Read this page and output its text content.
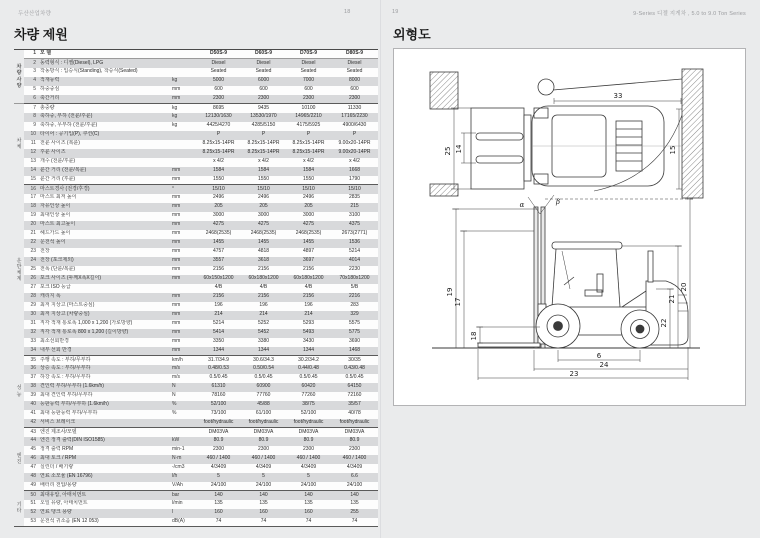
두산산업차량	18
차량 제원
차
량
사
양	1	모 델		D50S-9	D60S-9	D70S-9	D80S-9
	2	동력형식 : 디젤(Diesel), LPG		Diesel	Diesel	Diesel	Diesel
	3	작동방식 : 입승식(Standing), 착승식(Seated)		Seated	Seated	Seated	Seated
	4	적재능력	kg	5000	6000	7000	8000
	5	하중중심	mm	600	600	600	600
	6	축간거리	mm	2300	2300	2300	2300
차
체	7	총중량	kg	8695	9435	10100	11330
	8	축하중, 부하 (전륜/후륜)	kg	12130/1630	13530/1970	14965/2210	17165/2230
	9	축하중, 무부하 (전륜/후륜)	kg	4425/4270	4285/5150	4175/5925	4900/6430
	10	타이어 : 공기입(P), 쿠션(C)		P	P	P	P
	11	전륜 사이즈 (복륜)		8.25x15-14PR	8.25x15-14PR	8.25x15-14PR	9.00x20-14PR
	12	후륜 사이즈		8.25x15-14PR	8.25x15-14PR	8.25x15-14PR	9.00x20-14PR
	13	개수 (전륜/후륜)		x 4/2	x 4/2	x 4/2	x 4/2
	14	륜간 거리 (전륜/복륜)	mm	1584	1584	1584	1668
	15	륜간 거리 (후륜)	mm	1550	1550	1550	1790
운
반
체
계	16	마스트경사 (전경/후경)	°	15/10	15/10	15/10	15/10
	17	마스트 최저 높이	mm	2496	2496	2496	2835
	18	자유인상 높이	mm	205	205	205	215
	19	최대인상 높이	mm	3000	3000	3000	3100
	20	마스트 최고높이	mm	4275	4275	4275	4375
	21	헤드가드 높이	mm	2468(2535)	2468(2535)	2468(2535)	2673(2771)
	22	운전석 높이	mm	1455	1455	1455	1536
	23	전장	mm	4757	4818	4897	5214
	24	전장 (포크제외)	mm	3557	3618	3697	4014
	25	전폭 (단륜/복륜)	mm	2156	2156	2156	2230
	26	포크 사이즈 (두께X폭X길이)	mm	60x150x1200	60x180x1200	60x180x1200	70x180x1200
	27	포크 ISO 등급		4/B	4/B	4/B	5/B
	28	캐리지 폭	mm	2156	2156	2156	2216
	29	최저 지상고 (마스트중심)	mm	196	196	196	283
	30	최저 지상고 (차량중심)	mm	214	214	214	329
	31	직각 적재 통로폭 1,000 x 1,200 (가로방향)	mm	5214	5252	5293	5575
	32	직각 적재 통로폭 800 x 1,200 (길이방향)	mm	5414	5452	5493	5775
	33	최소선회반경	mm	3350	3380	3430	3690
	34	내부 선회 반경	mm	1344	1344	1344	1468
성
능	35	주행 속도 : 부하/무부하	km/h	31.7/34.9	30.6/34.3	30.2/34.2	30/35
	36	상승 속도 : 부하/무부하	m/s	0.48/0.53	0.50/0.54	0.44/0.48	0.43/0.48
	37	하강 속도 : 부하/무부하	m/s	0.5/0.45	0.5/0.45	0.5/0.45	0.5/0.45
	38	견인력 부하/무부하 (1.6km/h)	N	61310	60900	60420	64150
	39	최대 견인력 부하/무부하	N	78160	77760	77260	72160
	40	등판능력 부하/무부하 (1.6km/h)	%	52/100	45/88	38/75	35/57
	41	최대 등판능력 부하/무부하	%	73/100	61/100	52/100	40/78
	42	서비스 브레이크		foot/hydraulic	foot/hydraulic	foot/hydraulic	foot/hydraulic
엔
진	43	엔진 제조사/모델		DM03VA	DM03VA	DM03VA	DM03VA
	44	엔진 정격 출력(DIN ISO1585)	kW	80.9	80.9	80.9	80.9
	45	정격 출력 RPM	min-1	2300	2300	2300	2300
	46	최대 토크 / RPM	N·m	460 / 1400	460 / 1400	460 / 1400	460 / 1400
	47	실린더 / 배기량	-/cm3	4/3409	4/3409	4/3409	4/3409
	48	연료 소모율 (EN 16796)	l/h	5	5	5	6.6
	49	배터리 전압/용량	V/Ah	24/100	24/100	24/100	24/100
기
타	50	최대유압, 아태치먼트	bar	140	140	140	140
	51	오일 유량, 아태치먼트	l/min	135	135	135	135
	52	연료 탱크 용량	l	160	160	160	255
	53	운전석 귀소음 (EN 12 053)	dB(A)	74	74	74	74
19	9-Series 디젤 지게차 , 5.0 to 9.0 Ton Series
외형도
33
25 14	15
α	β
19
17
18
20
21
22
6
24
23
